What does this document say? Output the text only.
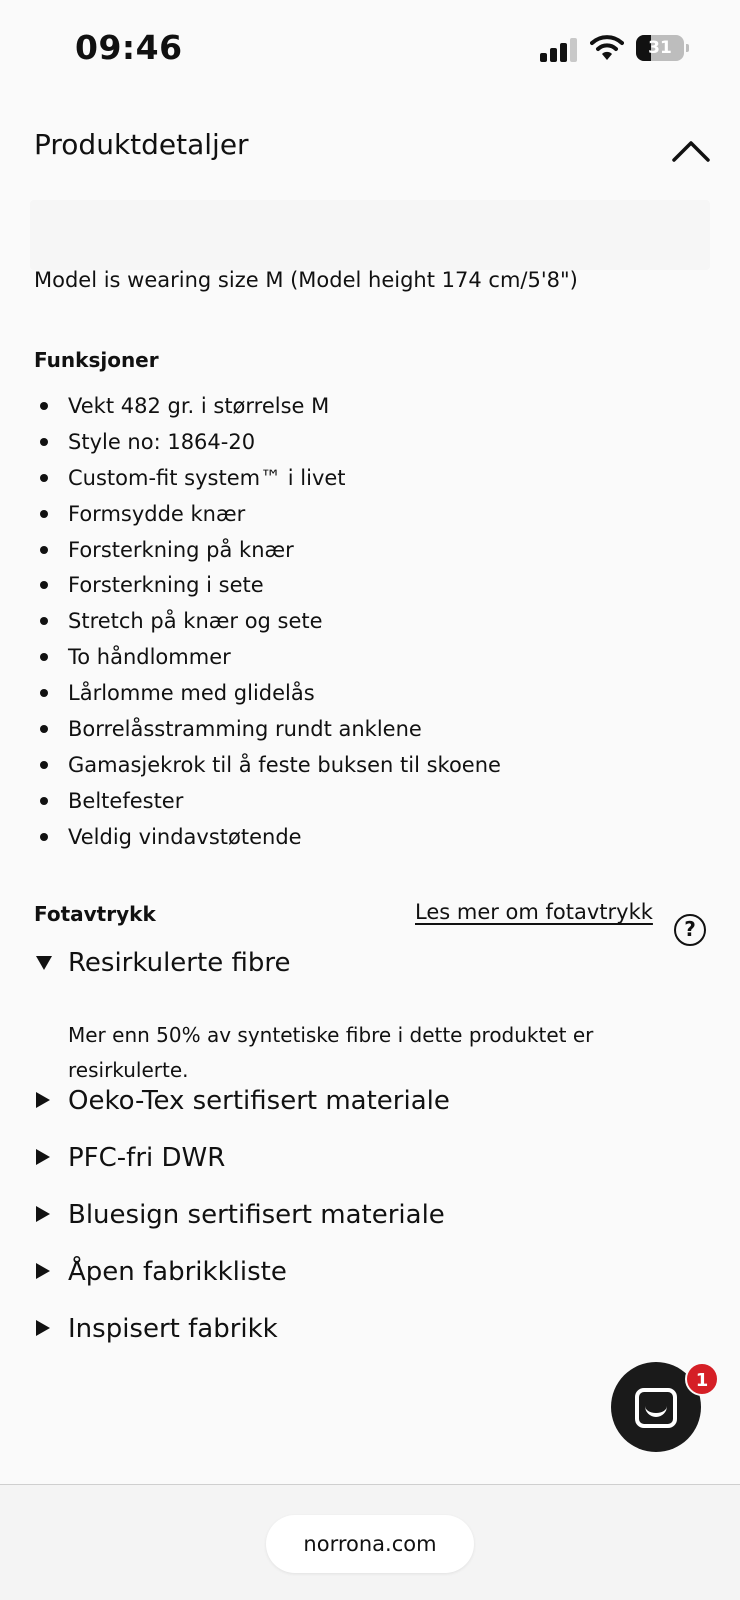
09:46	31
Produktdetaljer
Model is wearing size M (Model height 174 cm/5'8")
Funksjoner
Vekt 482 gr. i størrelse M
Style no: 1864-20
Custom-fit system™ i livet
Formsydde knær
Forsterkning på knær
Forsterkning i sete
Stretch på knær og sete
To håndlommer
Lårlomme med glidelås
Borrelåsstramming rundt anklene
Gamasjekrok til å feste buksen til skoene
Beltefester
Veldig vindavstøtende
Fotavtrykk	Les mer om fotavtrykk
?
Resirkulerte fibre
Oeko-Tex sertifisert materiale
PFC-fri DWR
Bluesign sertifisert materiale
Åpen fabrikkliste
Inspisert fabrikk
Mer enn 50% av syntetiske fibre i dette produktet er resirkulerte.
1
norrona.com
